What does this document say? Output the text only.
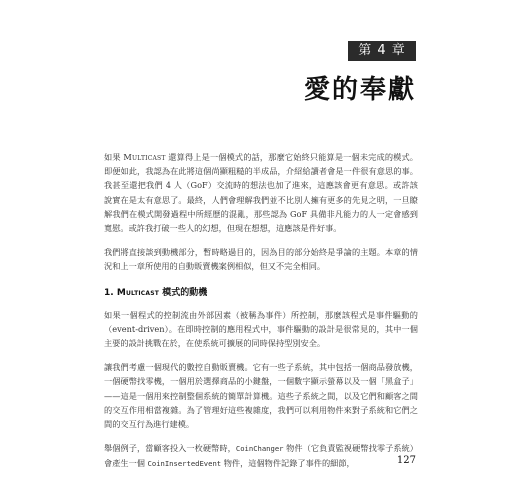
第 4 章
愛的奉獻

如果 Multicast 還算得上是一個模式的話，那麼它始終只能算是一個未完成的模式。即便如此，我認為在此將這個尚顯粗糙的半成品，介紹給讀者會是一件很有意思的事。我甚至還把我們 4 人（GoF）交流時的想法也加了進來，這應該會更有意思。或許該說實在是太有意思了。最終，人們會理解我們並不比別人擁有更多的先見之明，一旦瞭解我們在模式開發過程中所經歷的混亂，那些認為 GoF 具備非凡能力的人一定會感到寬慰。或許我打破一些人的幻想，但現在想想，這應該是件好事。

我們將直接談到動機部分，暫時略過目的，因為目的部分始終是爭論的主題。本章的情況和上一章所使用的自動販賣機案例相似，但又不完全相同。

1. Multicast 模式的動機

如果一個程式的控制流由外部因素（被稱為事件）所控制，那麼該程式是事件驅動的（event-driven）。在即時控制的應用程式中，事件驅動的設計是很常見的，其中一個主要的設計挑戰在於，在使系統可擴展的同時保持型別安全。

讓我們考慮一個現代的數控自動販賣機。它有一些子系統，其中包括一個商品發放機，一個硬幣找零機，一個用於選擇商品的小鍵盤，一個數字顯示螢幕以及一個「黑盒子」——這是一個用來控制整個系統的簡單計算機。這些子系統之間，以及它們和顧客之間的交互作用相當複雜。為了管理好這些複雜度，我們可以利用物件來對子系統和它們之間的交互行為進行建模。

舉個例子，當顧客投入一枚硬幣時，CoinChanger 物件（它負責監視硬幣找零子系統）會產生一個 CoinInsertedEvent 物件，這個物件記錄了事件的細節，	127
